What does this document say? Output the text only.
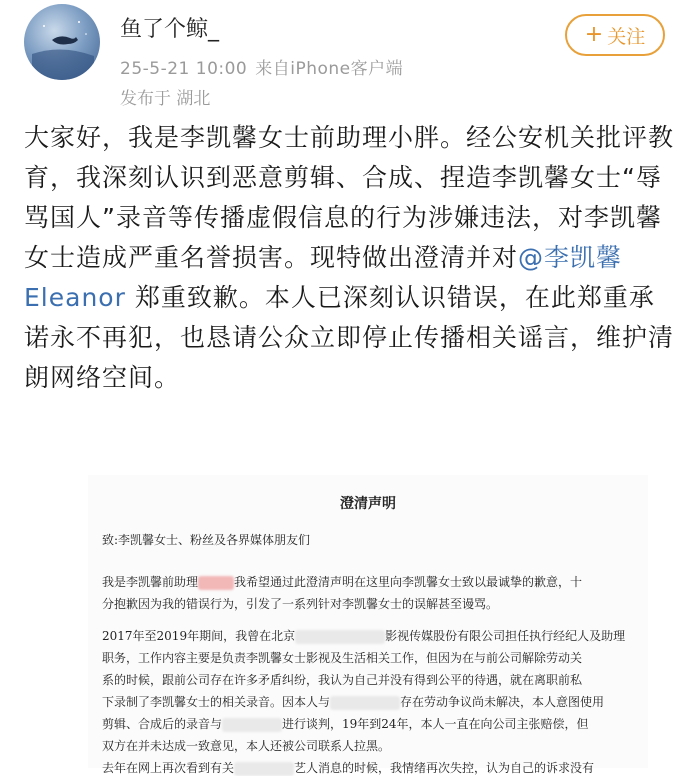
鱼了个鲸_
25-5-21 10:00 来自iPhone客户端
发布于 湖北
+ 关注
大家好，我是李凯馨女士前助理小胖。经公安机关批评教育，我深刻认识到恶意剪辑、合成、捏造李凯馨女士“辱骂国人”录音等传播虚假信息的行为涉嫌违法，对李凯馨女士造成严重名誉损害。现特做出澄清并对@李凯馨 Eleanor 郑重致歉。本人已深刻认识错误，在此郑重承诺永不再犯，也恳请公众立即停止传播相关谣言，维护清朗网络空间。
澄清声明
致:李凯馨女士、粉丝及各界媒体朋友们
我是李凯馨前助理	我希望通过此澄清声明在这里向李凯馨女士致以最诚挚的歉意，十
分抱歉因为我的错误行为，引发了一系列针对李凯馨女士的误解甚至谩骂。
2017年至2019年期间，我曾在北京	影视传媒股份有限公司担任执行经纪人及助理
职务，工作内容主要是负责李凯馨女士影视及生活相关工作，但因为在与前公司解除劳动关
系的时候，跟前公司存在许多矛盾纠纷，我认为自己并没有得到公平的待遇，就在离职前私
下录制了李凯馨女士的相关录音。因本人与	存在劳动争议尚未解决，本人意图使用
剪辑、合成后的录音与	进行谈判，19年到24年，本人一直在向公司主张赔偿，但
双方在并未达成一致意见，本人还被公司联系人拉黑。
去年在网上再次看到有关	艺人消息的时候，我情绪再次失控，认为自己的诉求没有
